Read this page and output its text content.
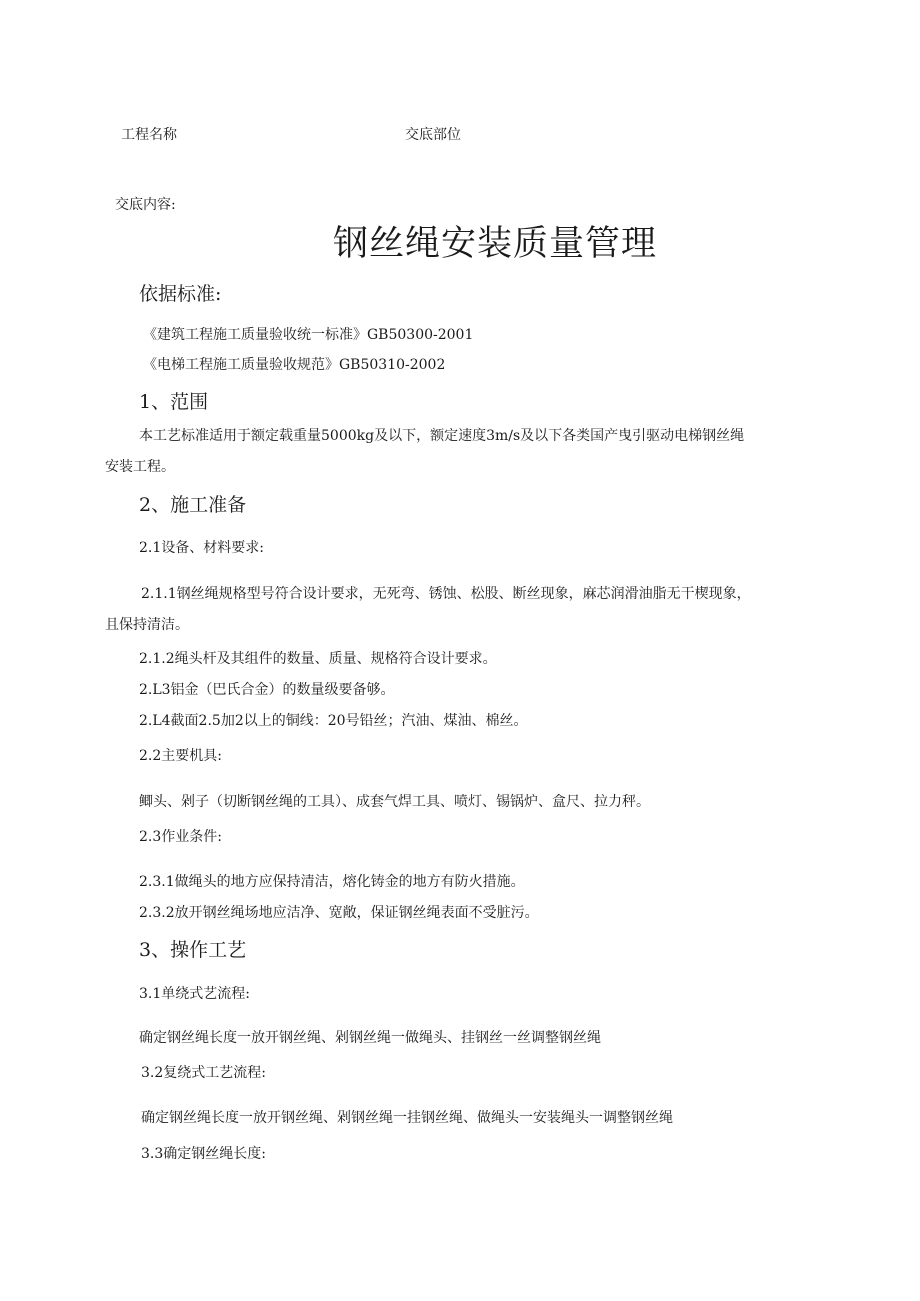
工程名称	交底部位

交底内容:

钢丝绳安装质量管理

依据标准:

《建筑工程施工质量验收统一标准》GB50300-2001

《电梯工程施工质量验收规范》GB50310-2002

1、范围

本工艺标准适用于额定载重量5000kg及以下，额定速度3m∕s及以下各类国产曳引驱动电梯钢丝绳

安装工程。

2、施工准备

2.1设备、材料要求:

2.1.1钢丝绳规格型号符合设计要求，无死弯、锈蚀、松股、断丝现象，麻芯润滑油脂无干楔现象，

且保持清洁。

2.1.2绳头杆及其组件的数量、质量、规格符合设计要求。

2.L3铝金（巴氏合金）的数量级要备够。

2.L4截面2.5加2以上的铜线：20号铅丝；汽油、煤油、棉丝。

2.2主要机具:

鲫头、剁子（切断钢丝绳的工具）、成套气焊工具、喷灯、锡锅炉、盒尺、拉力秤。

2.3作业条件:

2.3.1做绳头的地方应保持清洁，熔化铸金的地方有防火措施。

2.3.2放开钢丝绳场地应洁净、宽敞，保证钢丝绳表面不受脏污。

3、操作工艺

3.1单绕式艺流程:

确定钢丝绳长度一放开钢丝绳、剁钢丝绳一做绳头、挂钢丝一丝调整钢丝绳

3.2复绕式工艺流程:

确定钢丝绳长度一放开钢丝绳、剁钢丝绳一挂钢丝绳、做绳头一安装绳头一调整钢丝绳

3.3确定钢丝绳长度:
